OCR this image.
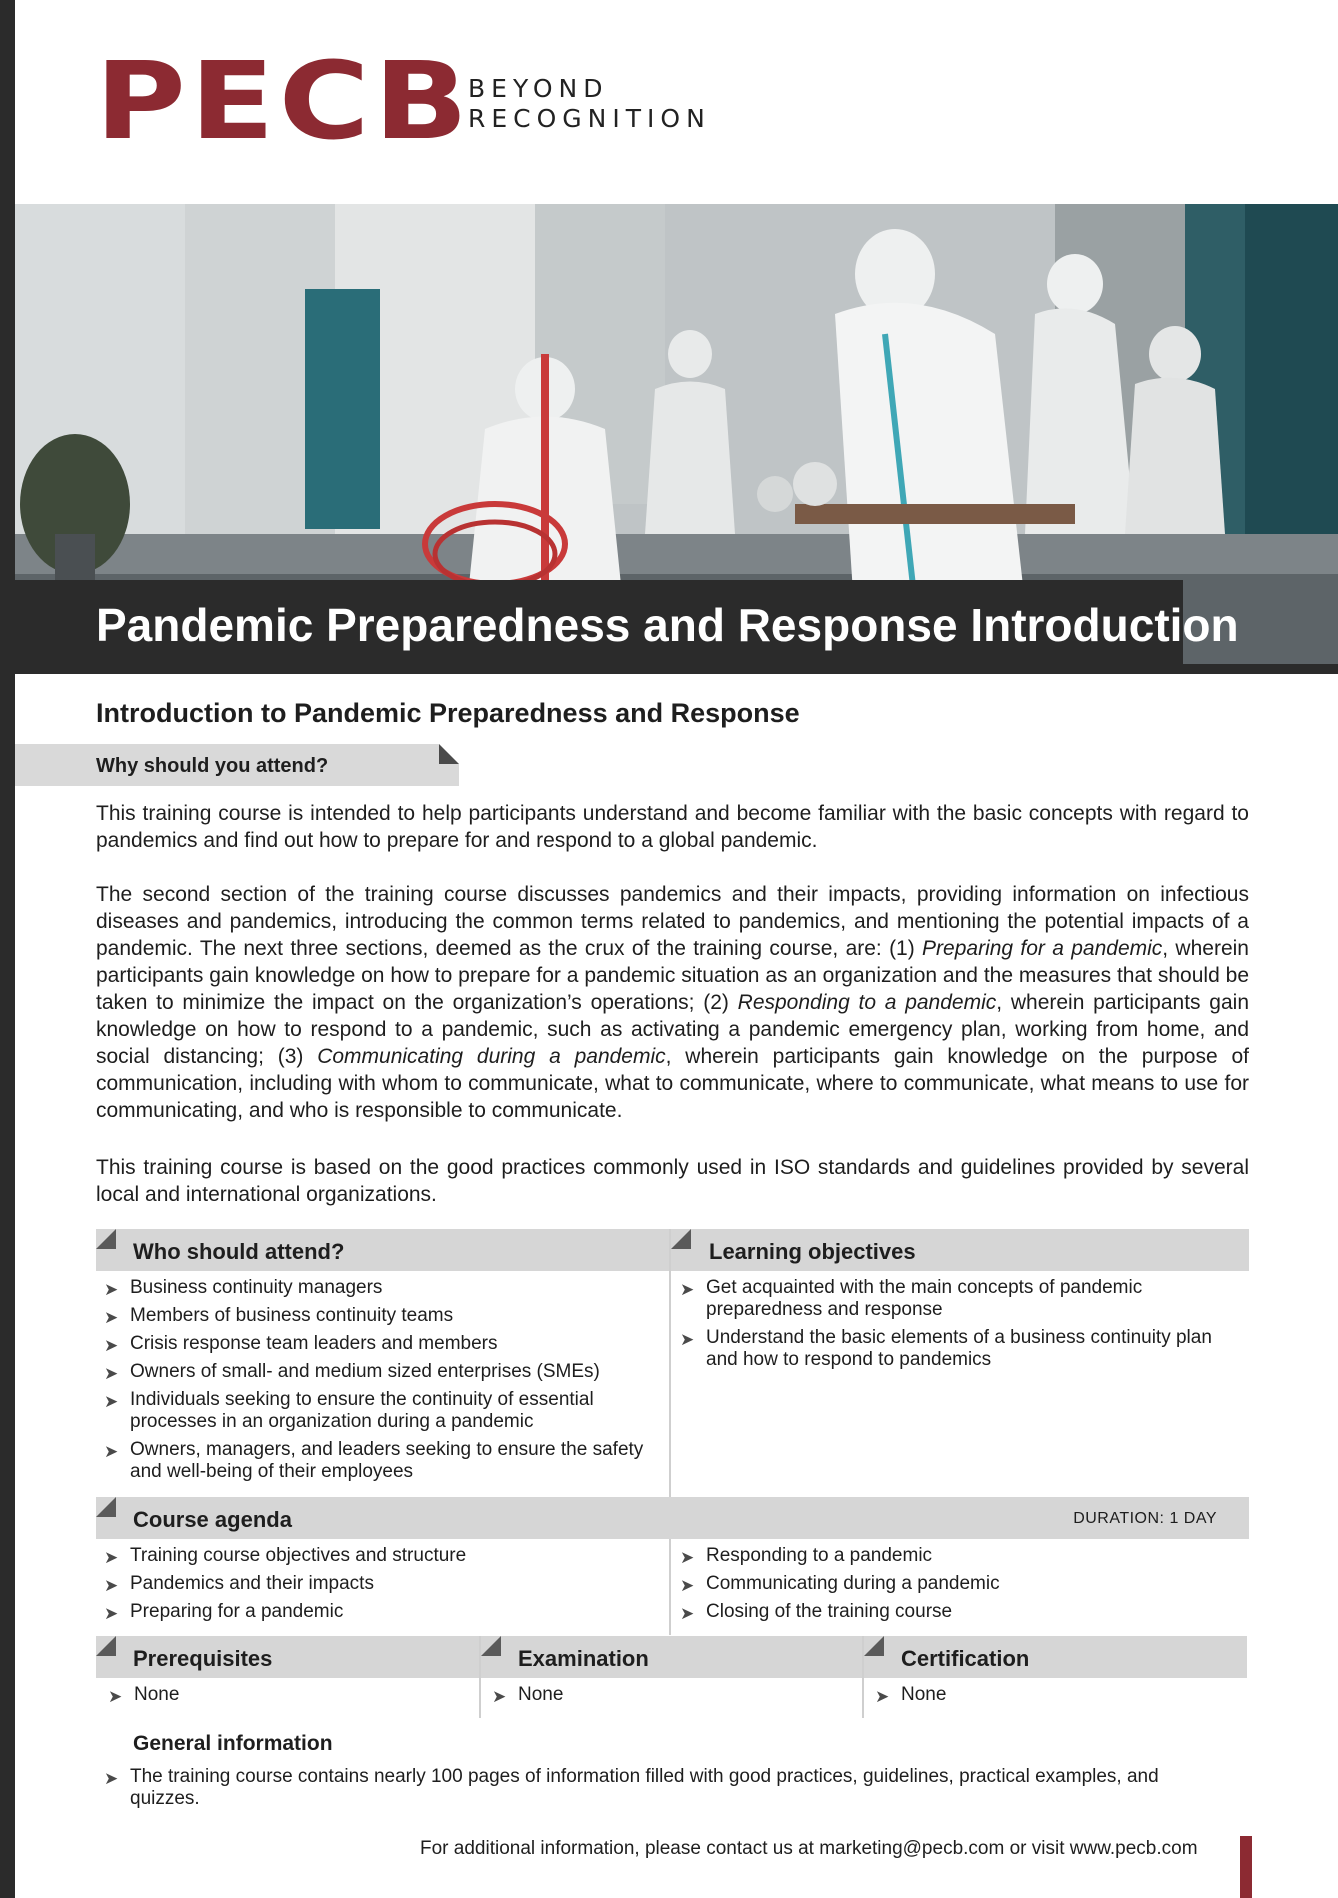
PECB
BEYOND
RECOGNITION
Pandemic Preparedness and Response Introduction
Introduction to Pandemic Preparedness and Response
Why should you attend?
This training course is intended to help participants understand and become familiar with the basic concepts with regard to pandemics and find out how to prepare for and respond to a global pandemic.
The second section of the training course discusses pandemics and their impacts, providing information on infectious diseases and pandemics, introducing the common terms related to pandemics, and mentioning the potential impacts of a pandemic. The next three sections, deemed as the crux of the training course, are: (1) Preparing for a pandemic, wherein participants gain knowledge on how to prepare for a pandemic situation as an organization and the measures that should be taken to minimize the impact on the organization’s operations; (2) Responding to a pandemic, wherein participants gain knowledge on how to respond to a pandemic, such as activating a pandemic emergency plan, working from home, and social distancing; (3) Communicating during a pandemic, wherein participants gain knowledge on the purpose of communication, including with whom to communicate, what to communicate, where to communicate, what means to use for communicating, and who is responsible to communicate.
This training course is based on the good practices commonly used in ISO standards and guidelines provided by several local and international organizations.
Who should attend?
➤ Business continuity managers
➤ Members of business continuity teams
➤ Crisis response team leaders and members
➤ Owners of small- and medium sized enterprises (SMEs)
➤ Individuals seeking to ensure the continuity of essential processes in an organization during a pandemic
➤ Owners, managers, and leaders seeking to ensure the safety and well-being of their employees
Learning objectives
➤ Get acquainted with the main concepts of pandemic preparedness and response
➤ Understand the basic elements of a business continuity plan and how to respond to pandemics
Course agenda	DURATION: 1 DAY
➤ Training course objectives and structure
➤ Pandemics and their impacts
➤ Preparing for a pandemic
➤ Responding to a pandemic
➤ Communicating during a pandemic
➤ Closing of the training course
Prerequisites
➤ None
Examination
➤ None
Certification
➤ None
General information
➤ The training course contains nearly 100 pages of information filled with good practices, guidelines, practical examples, and quizzes.
For additional information, please contact us at marketing@pecb.com or visit www.pecb.com
